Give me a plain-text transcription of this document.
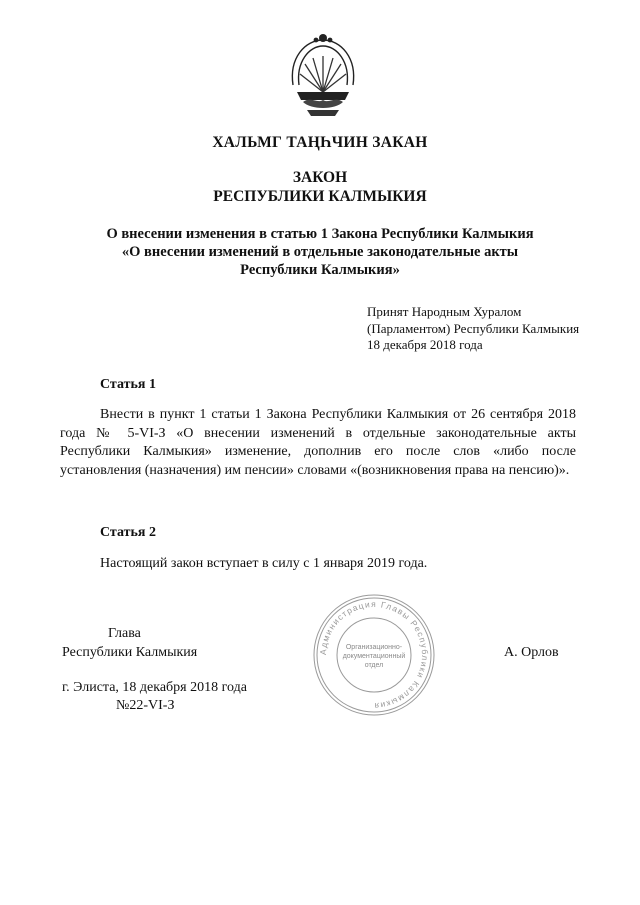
ХАЛЬМГ ТАҢҺЧИН ЗАКАН
ЗАКОН
РЕСПУБЛИКИ КАЛМЫКИЯ
О внесении изменения в статью 1 Закона Республики Калмыкия
«О внесении изменений в отдельные законодательные акты
Республики Калмыкия»
Принят Народным Хуралом
(Парламентом) Республики Калмыкия
18 декабря 2018 года
Статья 1
Внести в пункт 1 статьи 1 Закона Республики Калмыкия от 26 сентября 2018 года № 5-VI-З «О внесении изменений в отдельные законодательные акты Республики Калмыкия» изменение, дополнив его после слов «либо после установления (назначения) им пенсии» словами «(возникновения права на пенсию)».
Статья 2
Настоящий закон вступает в силу с 1 января 2019 года.
Глава
Республики Калмыкия	А. Орлов
г. Элиста, 18 декабря 2018 года
№22-VI-З
Администрация Главы Республики Калмыкия
Организационно-
документационный
отдел
